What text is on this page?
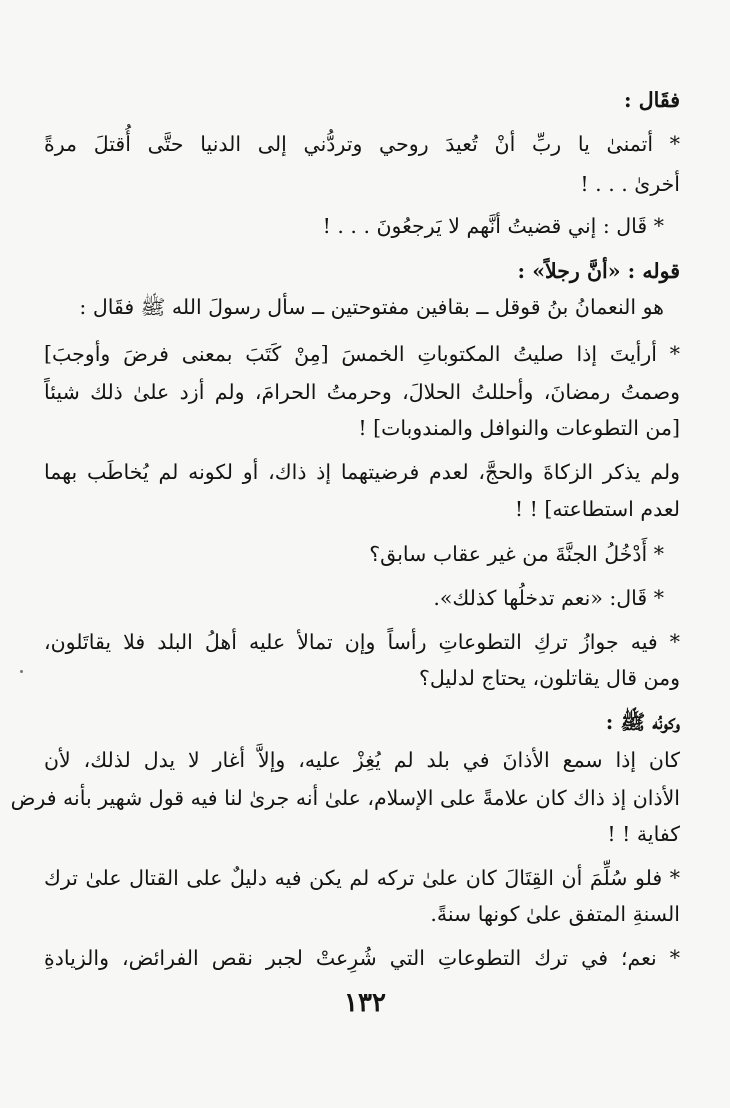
فقَال :
* أتمنىٰ يا ربِّ أنْ تُعيدَ روحي وتردُّني إلى الدنيا حتَّى أُقتلَ مرةً
أخرىٰ . . . !
* قَال : إني قضيتُ أنَّهم لا يَرجعُونَ . . . !
قوله : «أنَّ رجلاً» :
هو النعمانُ بنُ قوقل ــ بقافين مفتوحتين ــ سأل رسولَ الله ﷺ فقَال :
* أرأيتَ إذا صليتُ المكتوباتِ الخمسَ [مِنْ كَتَبَ بمعنى فرضَ وأوجبَ]
وصمتُ رمضانَ، وأحللتُ الحلالَ، وحرمتُ الحرامَ، ولم أزد علىٰ ذلك شيئاً
[من التطوعات والنوافل والمندوبات] !
ولم يذكر الزكاةَ والحجَّ، لعدم فرضيتهما إذ ذاك، أو لكونه لم يُخاطَب بهما
لعدم استطاعته] ! !
* أَدْخُلُ الجنَّةَ من غير عقاب سابق؟
* قَال: «نعم تدخلُها كذلك».
* فيه جوازُ تركِ التطوعاتِ رأساً وإن تمالأ عليه أهلُ البلد فلا يقاتَلون،
ومن قال يقاتلون، يحتاج لدليل؟
وكونُه ﷺ :
كان إذا سمع الأذانَ في بلد لم يُغِزْ عليه، وإلاَّ أغار لا يدل لذلك، لأن
الأذان إذ ذاك كان علامةً على الإسلام، علىٰ أنه جرىٰ لنا فيه قول شهير بأنه فرض
كفاية ! !
* فلو سُلِّمَ أن القِتَالَ كان علىٰ تركه لم يكن فيه دليلٌ على القتال علىٰ ترك
السنةِ المتفق علىٰ كونها سنةً.
* نعم؛ في ترك التطوعاتِ التي شُرِعتْ لجبر نقص الفرائض، والزيادةِ
١٣٢
